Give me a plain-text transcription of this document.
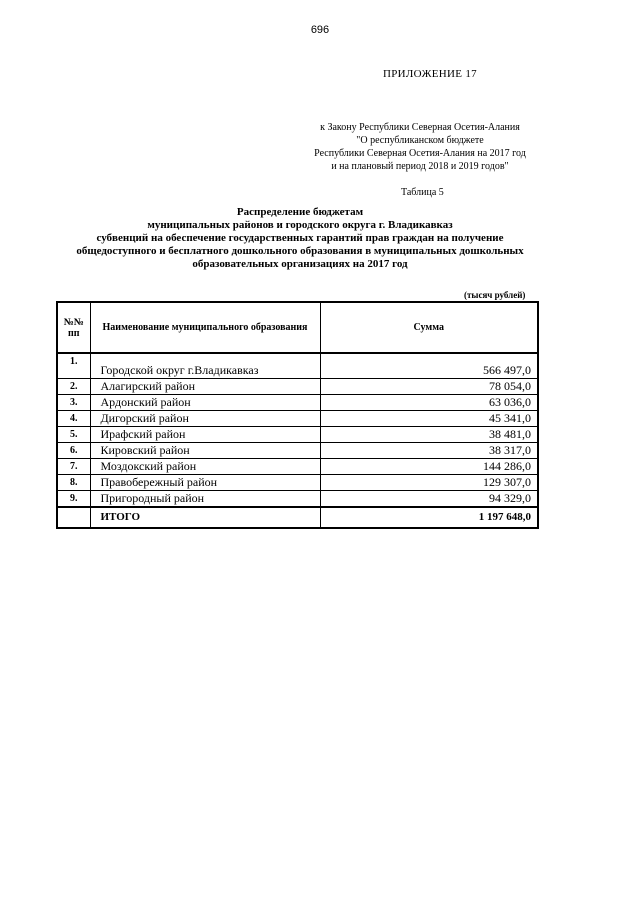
696
ПРИЛОЖЕНИЕ 17
к Закону Республики Северная Осетия-Алания
"О республиканском бюджете
Республики Северная Осетия-Алания на 2017 год
и на плановый период 2018 и 2019 годов"
Таблица 5
Распределение бюджетам
муниципальных районов и городского округа г. Владикавказ
субвенций на обеспечение государственных гарантий прав граждан на получение
общедоступного и бесплатного дошкольного образования в муниципальных дошкольных
образовательных организациях на 2017 год
(тысяч рублей)
№№ пп	Наименование муниципального образования	Сумма
1.	Городской округ г.Владикавказ	566 497,0
2.	Алагирский район	78 054,0
3.	Ардонский район	63 036,0
4.	Дигорский район	45 341,0
5.	Ирафский район	38 481,0
6.	Кировский район	38 317,0
7.	Моздокский район	144 286,0
8.	Правобережный район	129 307,0
9.	Пригородный район	94 329,0
	ИТОГО	1 197 648,0
